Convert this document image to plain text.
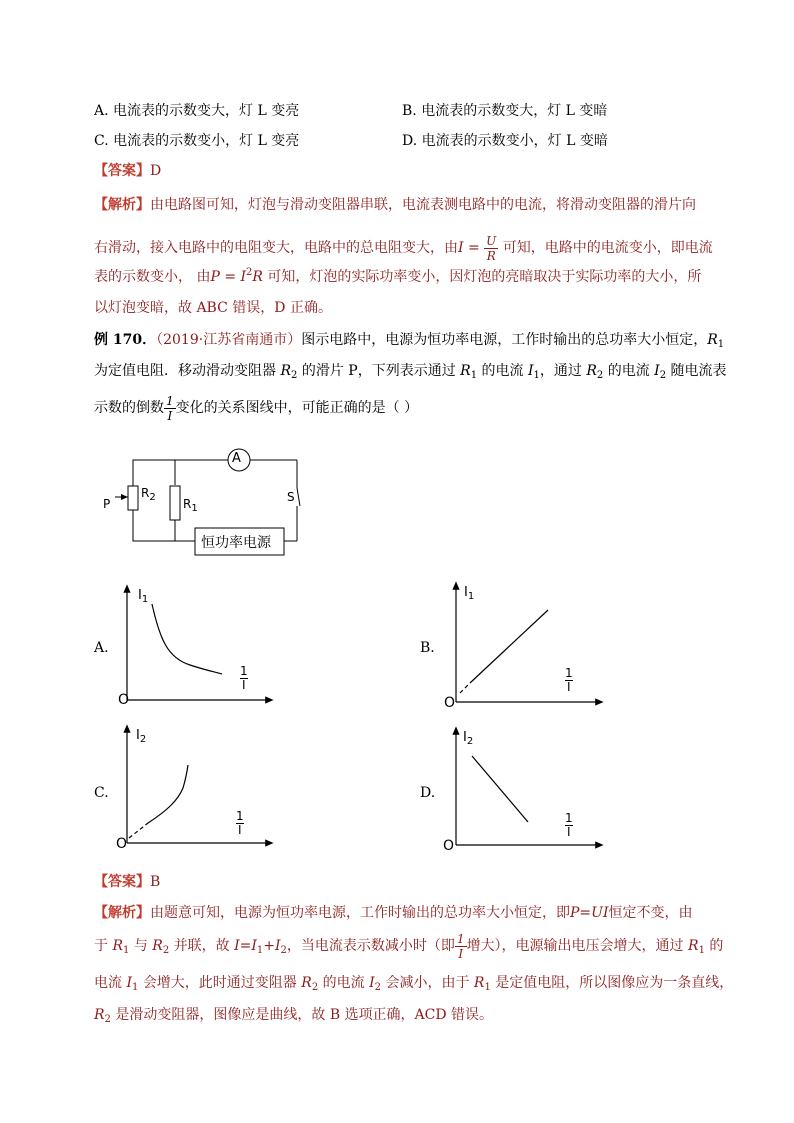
A. 电流表的示数变大，灯 L 变亮	B. 电流表的示数变大，灯 L 变暗
C. 电流表的示数变小，灯 L 变亮	D. 电流表的示数变小，灯 L 变暗
【答案】D
【解析】由电路图可知，灯泡与滑动变阻器串联，电流表测电路中的电流，将滑动变阻器的滑片向
右滑动，接入电路中的电阻变大，电路中的总电阻变大，由$I = \frac{U}{R}$ 可知，电路中的电流变小，即电流
表的示数变小， 由$P = I^2R$ 可知，灯泡的实际功率变小，因灯泡的亮暗取决于实际功率的大小，所
以灯泡变暗，故 ABC 错误，D 正确。
例 170．（2019·江苏省南通市）图示电路中，电源为恒功率电源，工作时输出的总功率大小恒定，$R_1$
为定值电阻．移动滑动变阻器 $R_2$ 的滑片 P，下列表示通过 $R_1$ 的电流 $I_1$，通过 $R_2$ 的电流 $I_2$ 随电流表
示数的倒数 $\frac{1}{I}$ 变化的关系图线中，可能正确的是（ ）
A
$R_2$ $R_1$
P	S
恒功率电源
A.
$I_1$
1
I
O
B.
$I_1$
1
I
O
C.
$I_2$
1
I
O
D.
$I_2$
1
I
O
【答案】B
【解析】由题意可知，电源为恒功率电源，工作时输出的总功率大小恒定，即P=UI恒定不变，由
于 $R_1$ 与 $R_2$ 并联，故 $I=I_1+I_2$，当电流表示数减小时（即 $\frac{1}{I}$ 增大），电源输出电压会增大，通过 $R_1$ 的
电流 $I_1$ 会增大，此时通过变阻器 $R_2$ 的电流 $I_2$ 会减小，由于 $R_1$ 是定值电阻，所以图像应为一条直线，
$R_2$ 是滑动变阻器，图像应是曲线，故 B 选项正确，ACD 错误。
